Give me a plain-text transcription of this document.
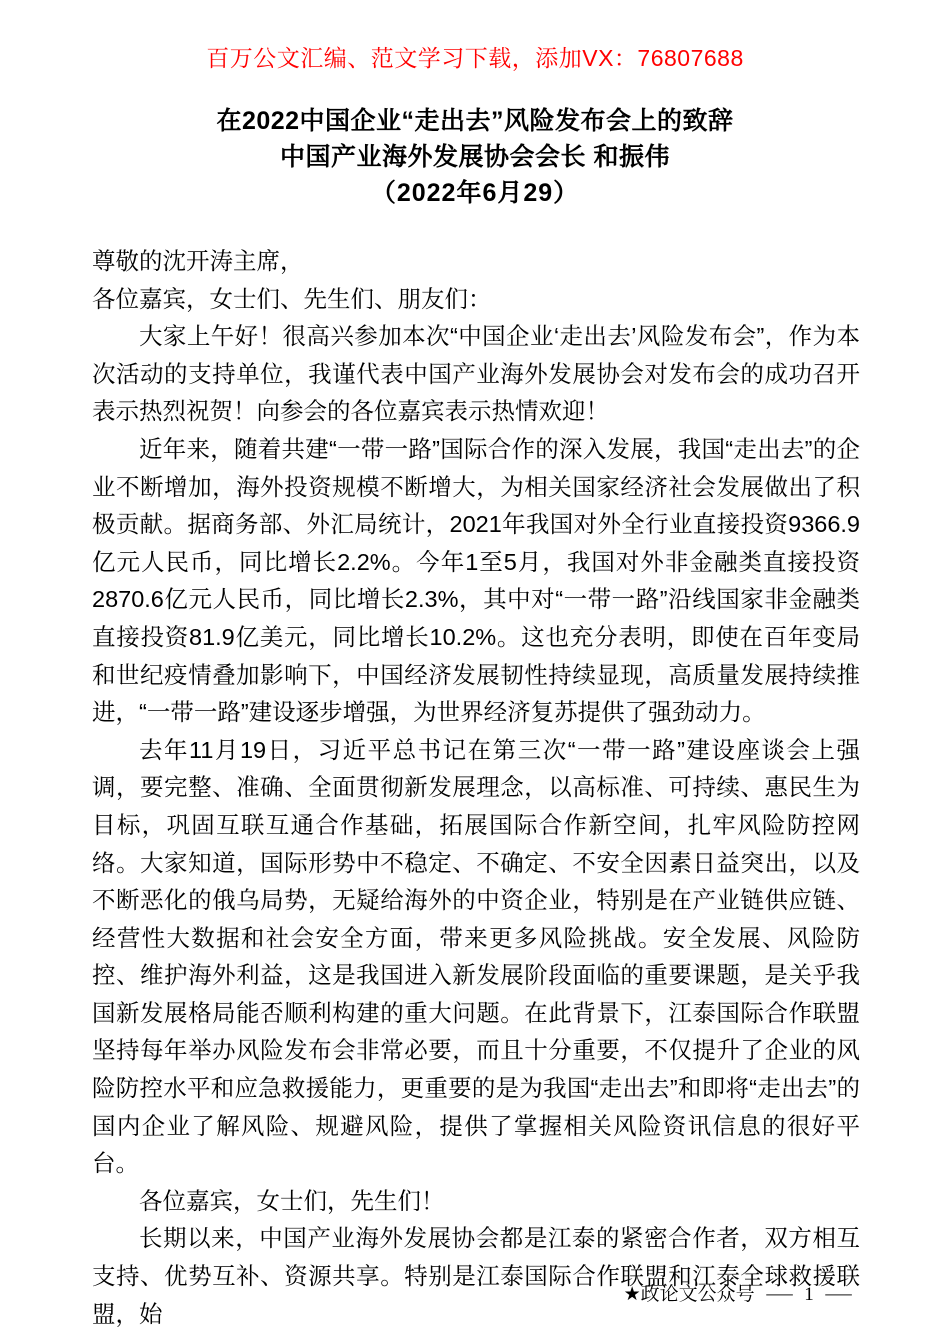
百万公文汇编、范文学习下载，添加VX：76807688
在2022中国企业“走出去”风险发布会上的致辞
中国产业海外发展协会会长 和振伟
（2022年6月29）

尊敬的沈开涛主席，

各位嘉宾，女士们、先生们、朋友们：

大家上午好！很高兴参加本次“中国企业‘走出去’风险发布会”，作为本次活动的支持单位，我谨代表中国产业海外发展协会对发布会的成功召开表示热烈祝贺！向参会的各位嘉宾表示热情欢迎！

近年来，随着共建“一带一路”国际合作的深入发展，我国“走出去”的企业不断增加，海外投资规模不断增大，为相关国家经济社会发展做出了积极贡献。据商务部、外汇局统计，2021年我国对外全行业直接投资9366.9亿元人民币，同比增长2.2%。今年1至5月，我国对外非金融类直接投资2870.6亿元人民币，同比增长2.3%，其中对“一带一路”沿线国家非金融类直接投资81.9亿美元，同比增长10.2%。这也充分表明，即使在百年变局和世纪疫情叠加影响下，中国经济发展韧性持续显现，高质量发展持续推进，“一带一路”建设逐步增强，为世界经济复苏提供了强劲动力。

去年11月19日，习近平总书记在第三次“一带一路”建设座谈会上强调，要完整、准确、全面贯彻新发展理念，以高标准、可持续、惠民生为目标，巩固互联互通合作基础，拓展国际合作新空间，扎牢风险防控网络。大家知道，国际形势中不稳定、不确定、不安全因素日益突出，以及不断恶化的俄乌局势，无疑给海外的中资企业，特别是在产业链供应链、经营性大数据和社会安全方面，带来更多风险挑战。安全发展、风险防控、维护海外利益，这是我国进入新发展阶段面临的重要课题，是关乎我国新发展格局能否顺利构建的重大问题。在此背景下，江泰国际合作联盟坚持每年举办风险发布会非常必要，而且十分重要，不仅提升了企业的风险防控水平和应急救援能力，更重要的是为我国“走出去”和即将“走出去”的国内企业了解风险、规避风险，提供了掌握相关风险资讯信息的很好平台。

各位嘉宾，女士们，先生们！

长期以来，中国产业海外发展协会都是江泰的紧密合作者，双方相互支持、优势互补、资源共享。特别是江泰国际合作联盟和江泰全球救援联盟，始

★政论文公众号 — 1 —
